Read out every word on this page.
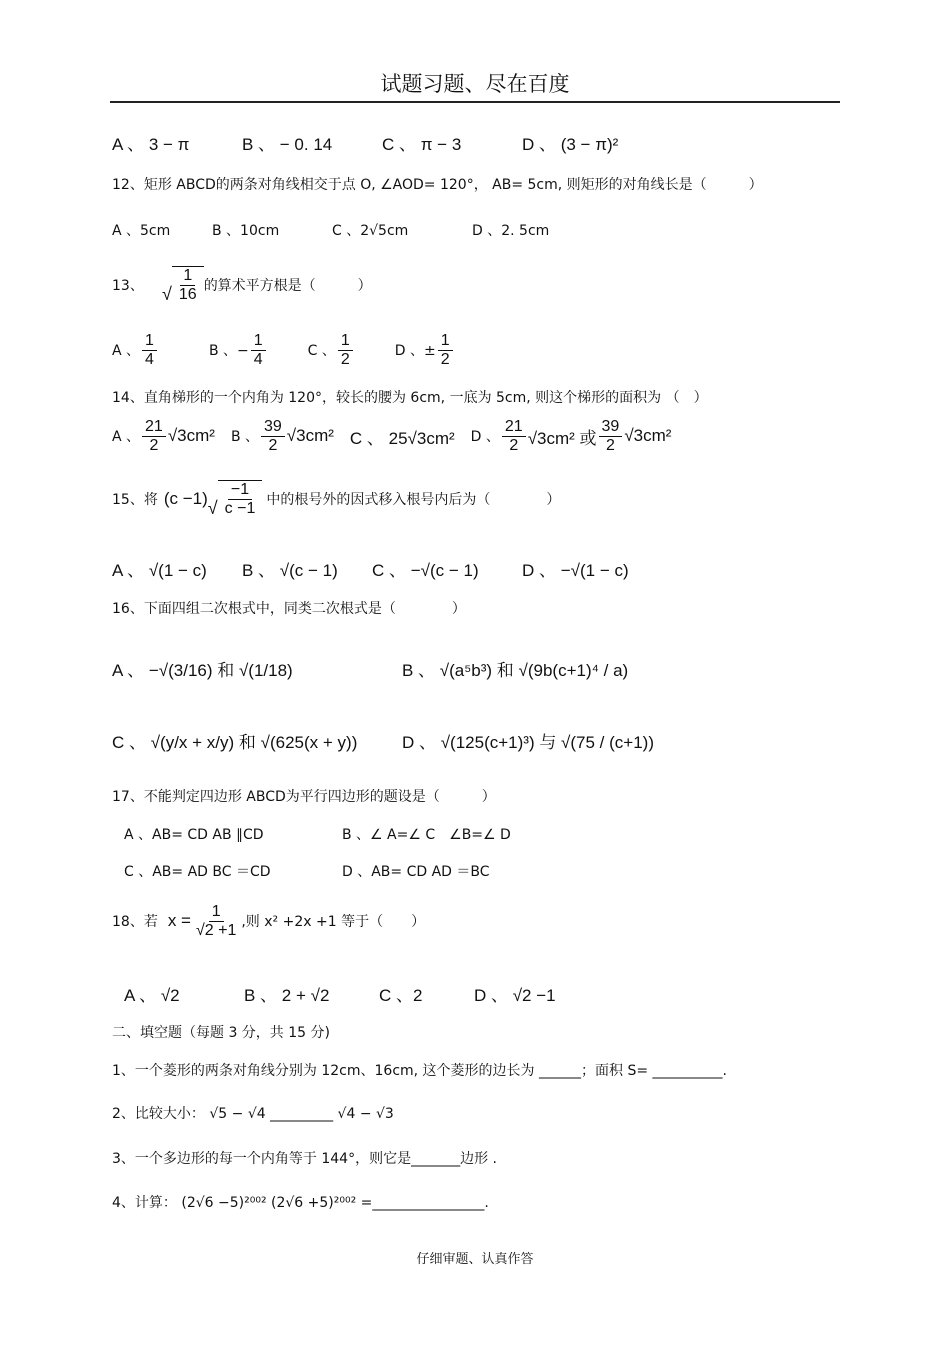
试题习题、尽在百度
A 、 3 − π	B 、 − 0. 14	C 、 π − 3	D 、 (3 − π)²
12、矩形 ABCD的两条对角线相交于点 O, ∠AOD= 120°， AB= 5cm, 则矩形的对角线长是（　　　）
A 、5cm	B 、10cm	C 、2√5cm	D 、2. 5cm
13、	√ $\frac{1}{16}$ 的算术平方根是（　　　）
A 、 $\frac{1}{4}$	B 、− $\frac{1}{4}$	C 、 $\frac{1}{2}$	D 、± $\frac{1}{2}$
14、直角梯形的一个内角为 120°，较长的腰为 6cm, 一底为 5cm, 则这个梯形的面积为 （　）
A 、 $\frac{21}{2} √3cm^2$ B 、 $\frac{39}{2} √3cm^2$ C 、 25√3cm² D 、 $\frac{21}{2} √3cm^2$ 或 $\frac{39}{2} √3cm^2$
15、将 (c −1)
√ $\frac{-1}{c -1}$ 中的根号外的因式移入根号内后为（　　　　）
A 、 √(1 − c)	B 、 √(c − 1)	C 、 −√(c − 1)	D 、 −√(1 − c)
16、下面四组二次根式中，同类二次根式是（　　　　）
A 、 −√(3/16) 和 √(1/18)	B 、 √(a⁵b³) 和 √(9b(c+1)⁴ / a)
C 、 √(y/x + x/y) 和 √(625(x + y))	D 、 √(125(c+1)³) 与 √(75 / (c+1))
17、不能判定四边形 ABCD为平行四边形的题设是（　　　）
A 、AB= CD AB ∥CD	B 、∠ A=∠ C　∠B=∠ D
C 、AB= AD BC ＝CD	D 、AB= CD AD ＝BC
18、若 $x = \frac{1}{√2 +1}$ ,则 x² +2x +1 等于（　　）
A 、 √2	B 、 2 + √2	C 、2	D 、 √2 −1
二、填空题（每题 3 分，共 15 分)
1、一个菱形的两条对角线分别为 12cm、16cm, 这个菱形的边长为 ______；面积 S= __________.
2、比较大小： √5 − √4 _________ √4 − √3
3、一个多边形的每一个内角等于 144°，则它是_______边形 .
4、计算： (2√6 −5)²⁰⁰² (2√6 +5)²⁰⁰² =________________.
仔细审题、认真作答
